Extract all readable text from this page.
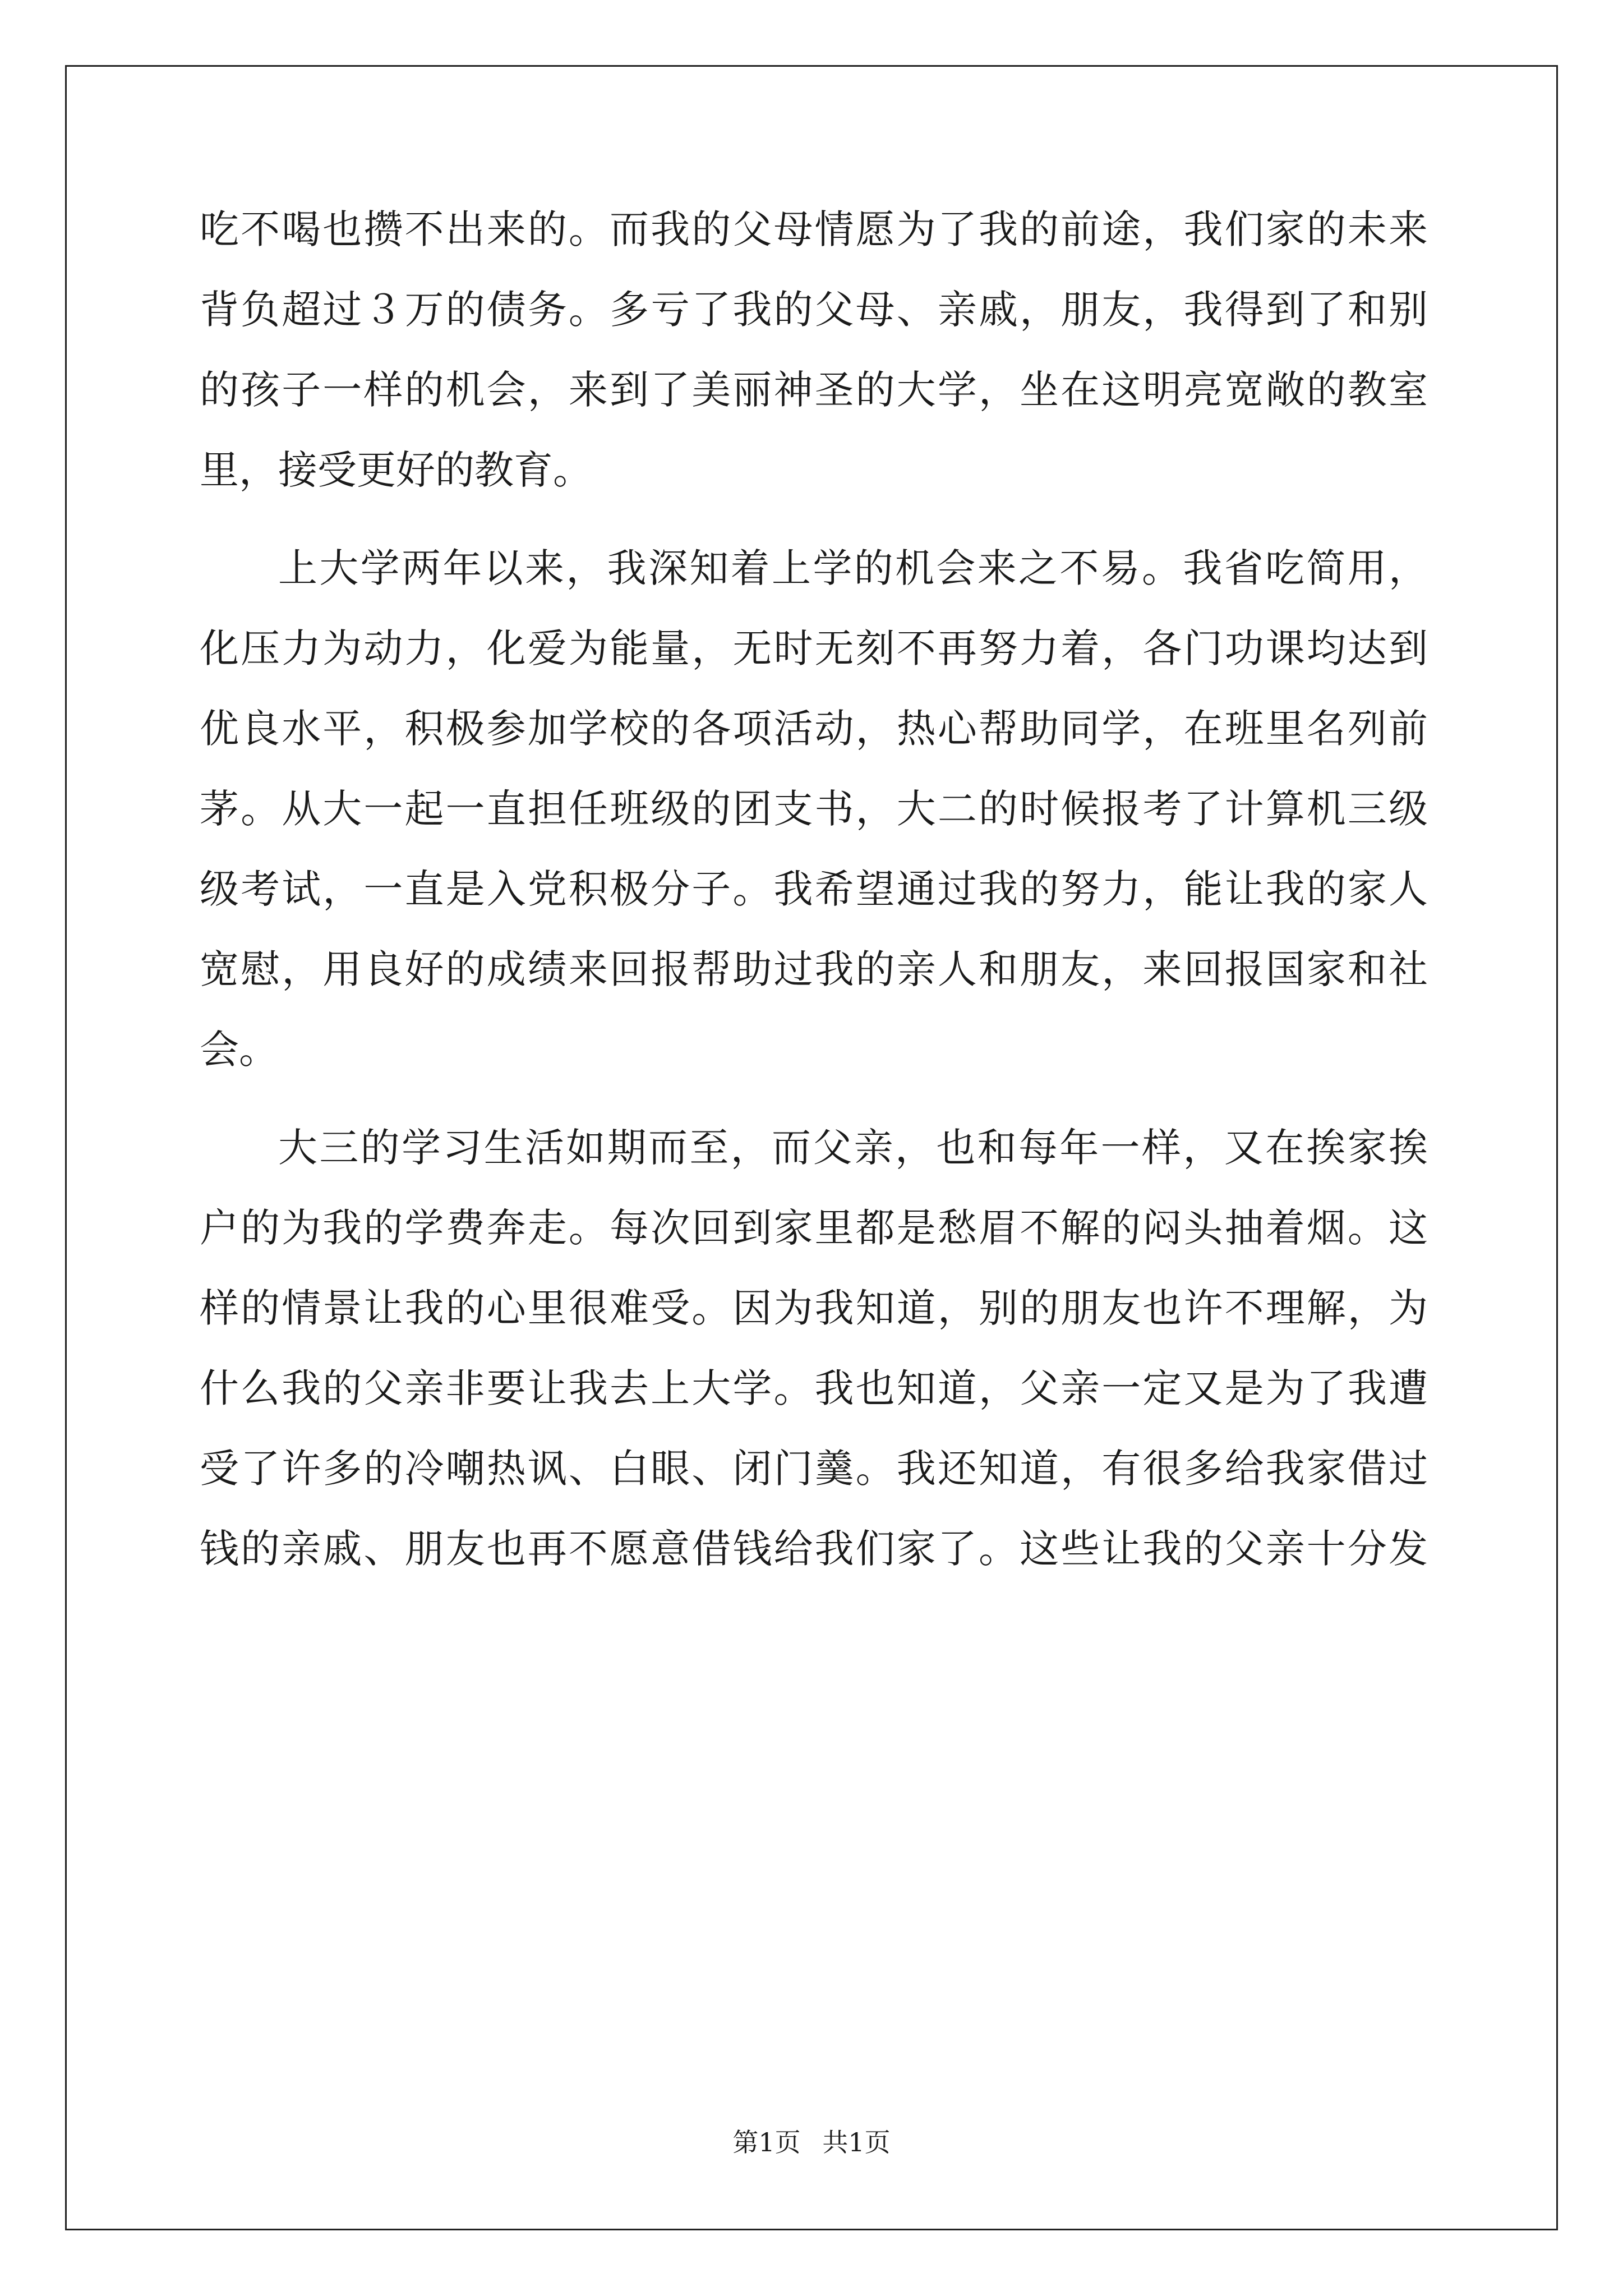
吃不喝也攒不出来的。而我的父母情愿为了我的前途，我们家的未来
背负超过３万的债务。多亏了我的父母、亲戚，朋友，我得到了和别
的孩子一样的机会，来到了美丽神圣的大学，坐在这明亮宽敞的教室
里，接受更好的教育。
上大学两年以来，我深知着上学的机会来之不易。我省吃简用，
化压力为动力，化爱为能量，无时无刻不再努力着，各门功课均达到
优良水平，积极参加学校的各项活动，热心帮助同学，在班里名列前
茅。从大一起一直担任班级的团支书，大二的时候报考了计算机三级
级考试，一直是入党积极分子。我希望通过我的努力，能让我的家人
宽慰，用良好的成绩来回报帮助过我的亲人和朋友，来回报国家和社
会。
大三的学习生活如期而至，而父亲，也和每年一样，又在挨家挨
户的为我的学费奔走。每次回到家里都是愁眉不解的闷头抽着烟。这
样的情景让我的心里很难受。因为我知道，别的朋友也许不理解，为
什么我的父亲非要让我去上大学。我也知道，父亲一定又是为了我遭
受了许多的冷嘲热讽、白眼、闭门羹。我还知道，有很多给我家借过
钱的亲戚、朋友也再不愿意借钱给我们家了。这些让我的父亲十分发
第1页 共1页
